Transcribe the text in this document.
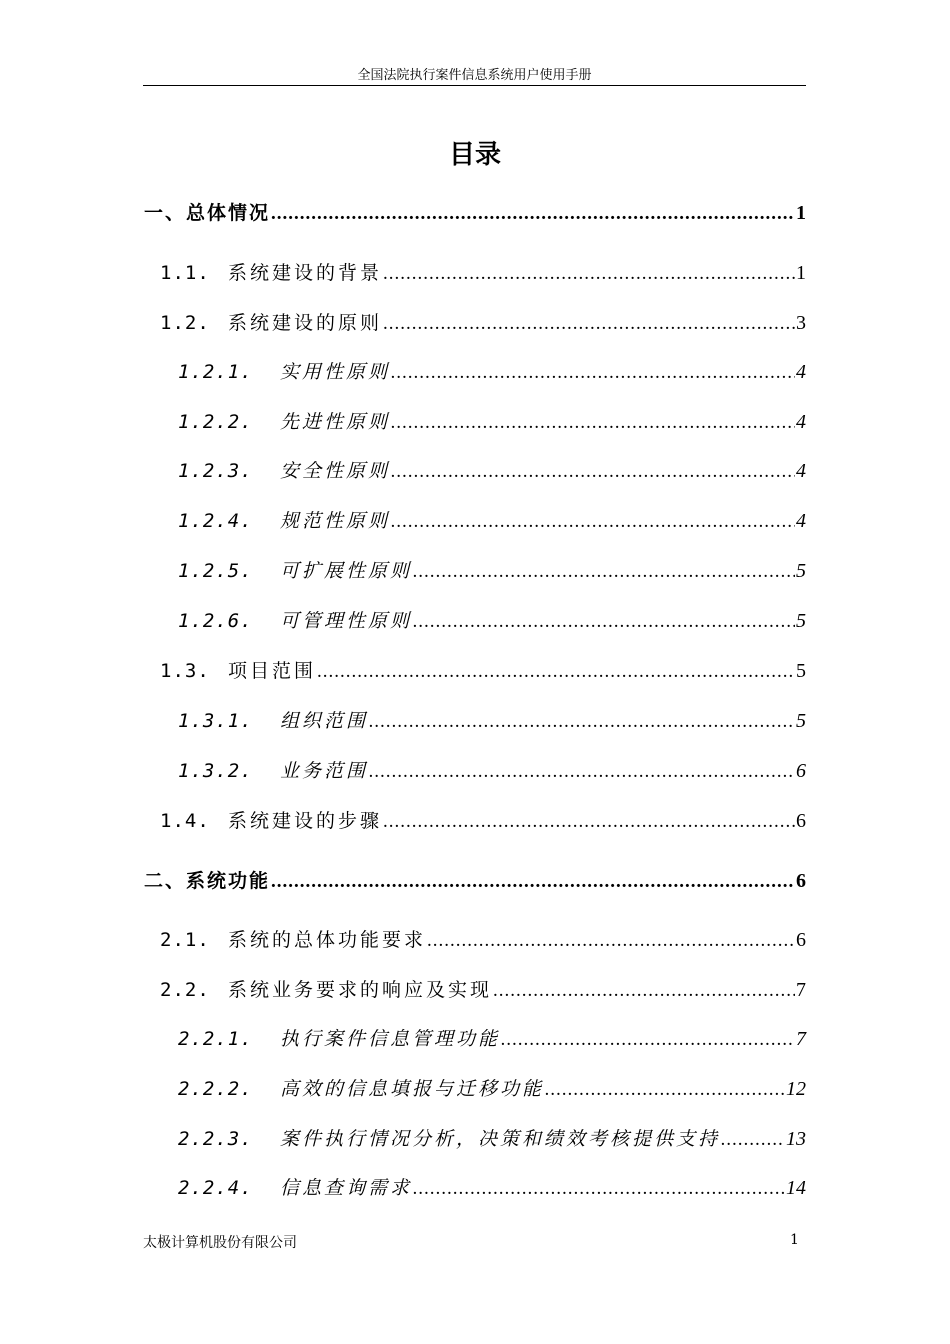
全国法院执行案件信息系统用户使用手册
目录
一、总体情况 .....	1
1.1. 系统建设的背景 .....	1
1.2. 系统建设的原则 .....	3
1.2.1.	实用性原则 .....	4
1.2.2.	先进性原则 .....	4
1.2.3.	安全性原则 .....	4
1.2.4.	规范性原则 .....	4
1.2.5.	可扩展性原则 .....	5
1.2.6.	可管理性原则 .....	5
1.3. 项目范围 .....	5
1.3.1.	组织范围 .....	5
1.3.2.	业务范围 .....	6
1.4. 系统建设的步骤 .....	6
二、系统功能 .....	6
2.1. 系统的总体功能要求 .....	6
2.2. 系统业务要求的响应及实现 .....	7
2.2.1.	执行案件信息管理功能 .....	7
2.2.2.	高效的信息填报与迁移功能 .....	12
2.2.3.	案件执行情况分析，决策和绩效考核提供支持 .....	13
2.2.4.	信息查询需求 .....	14
太极计算机股份有限公司	1
